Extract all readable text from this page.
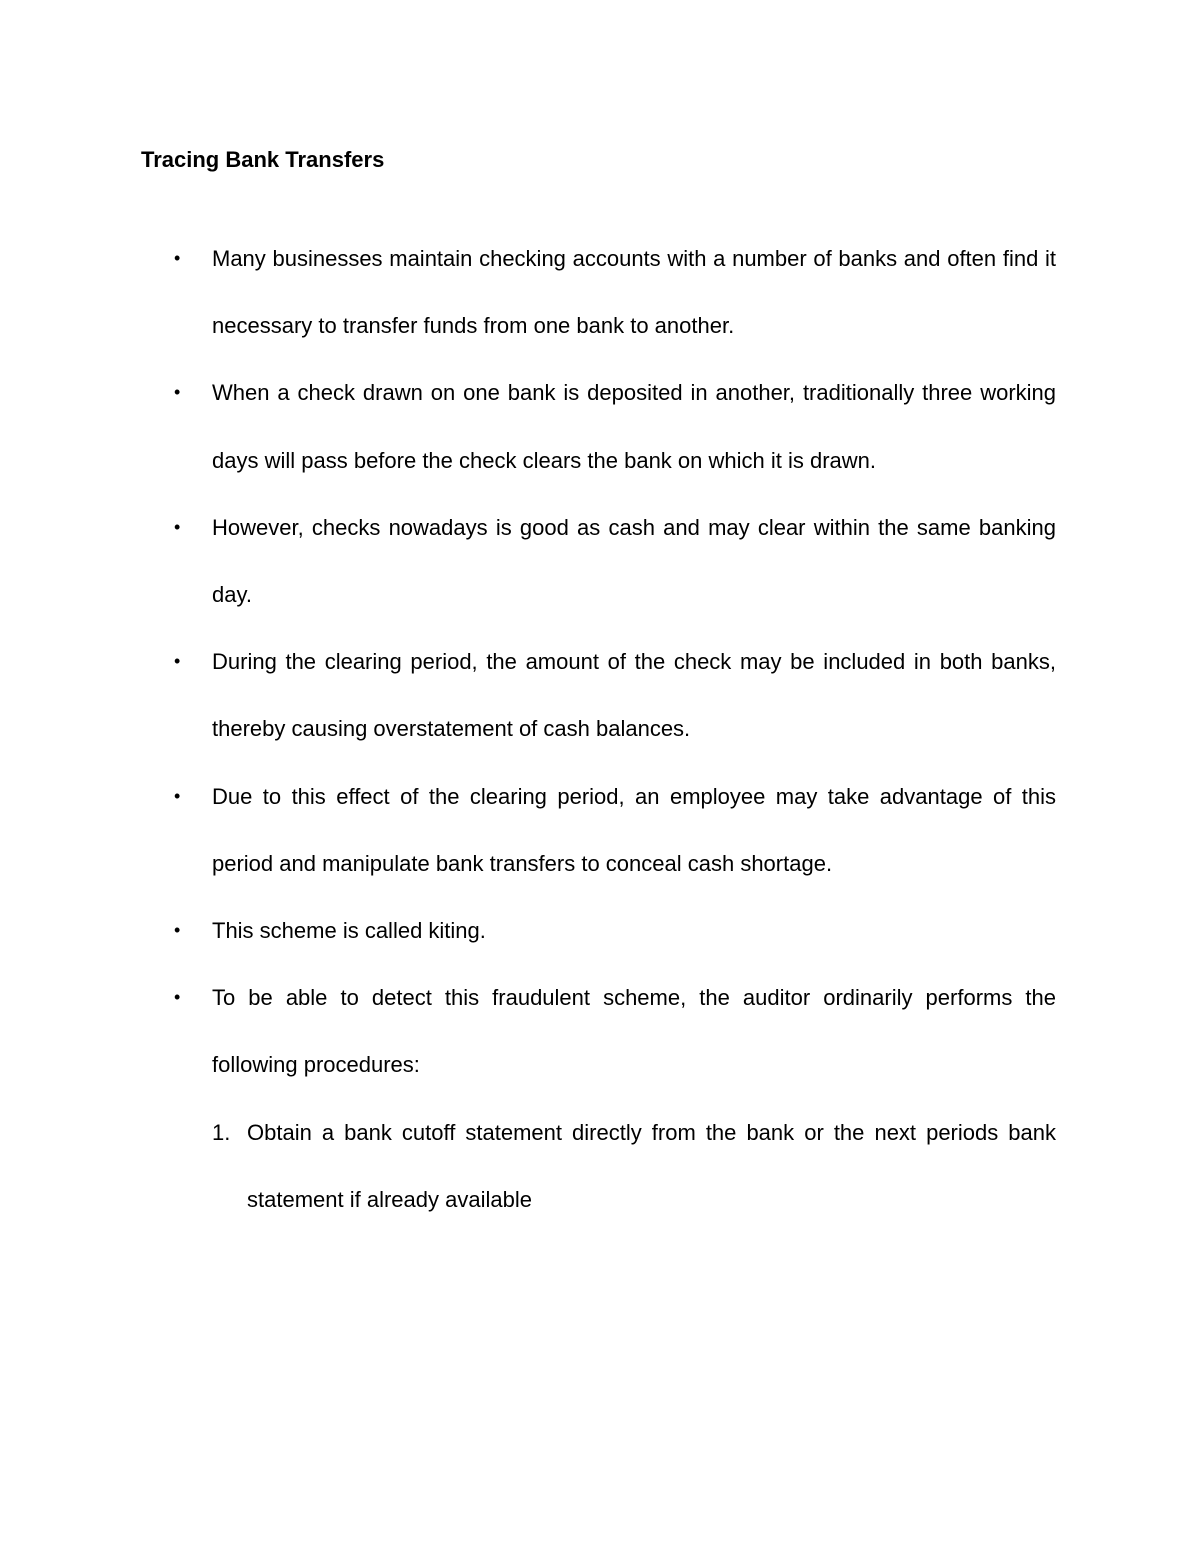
Tracing Bank Transfers
•	Many businesses maintain checking accounts with a number of banks and often find it necessary to transfer funds from one bank to another.
•	When a check drawn on one bank is deposited in another, traditionally three working days will pass before the check clears the bank on which it is drawn.
•	However, checks nowadays is good as cash and may clear within the same banking day.
•	During the clearing period, the amount of the check may be included in both banks, thereby causing overstatement of cash balances.
•	Due to this effect of the clearing period, an employee may take advantage of this period and manipulate bank transfers to conceal cash shortage.
•	This scheme is called kiting.
•	To be able to detect this fraudulent scheme, the auditor ordinarily performs the following procedures:
1. Obtain a bank cutoff statement directly from the bank or the next periods bank statement if already available
